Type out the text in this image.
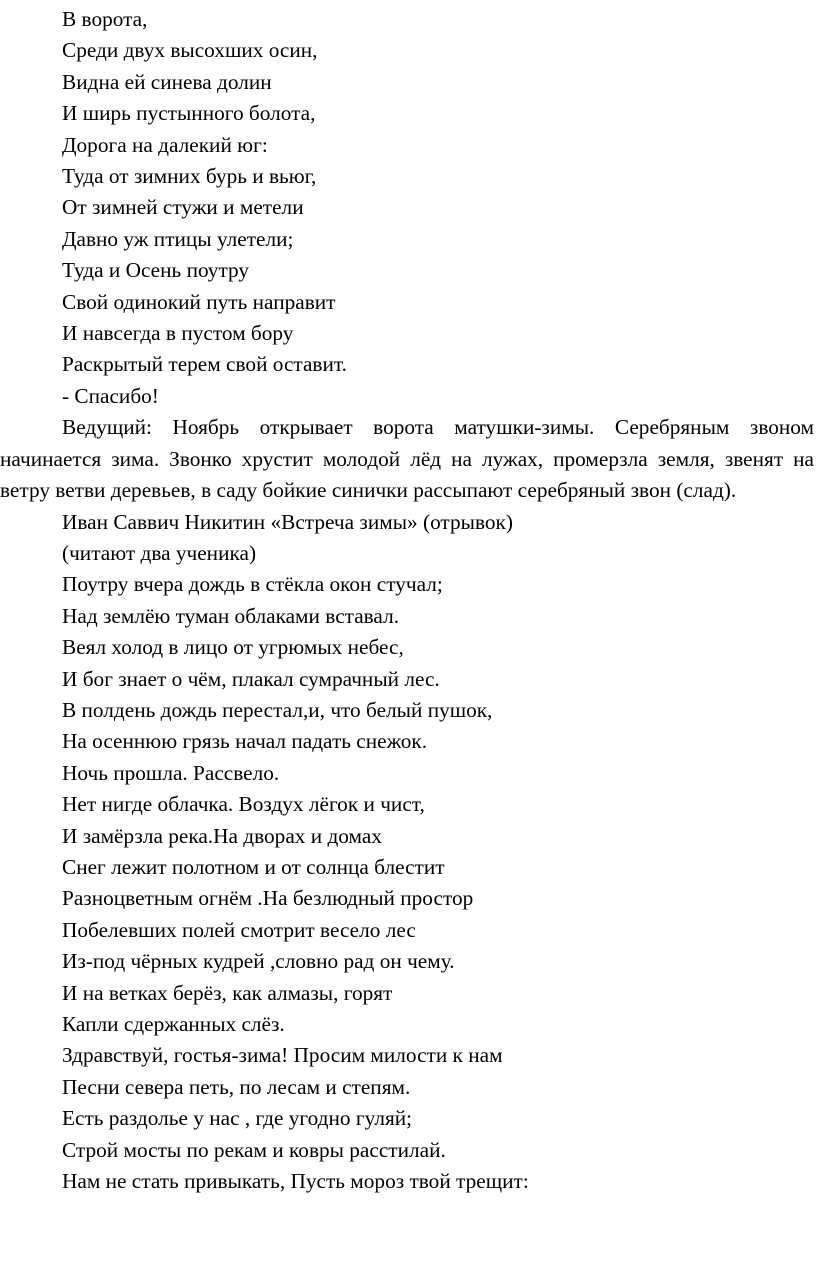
В ворота,
Среди двух высохших осин,
Видна ей синева долин
И ширь пустынного болота,
Дорога на далекий юг:
Туда от зимних бурь и вьюг,
От зимней стужи и метели
Давно уж птицы улетели;
Туда и Осень поутру
Свой одинокий путь направит
И навсегда в пустом бору
Раскрытый терем свой оставит.
- Спасибо!

Ведущий: Ноябрь открывает ворота матушки-зимы. Серебряным звоном начинается зима. Звонко хрустит молодой лёд на лужах, промерзла земля, звенят на ветру ветви деревьев, в саду бойкие синички рассыпают серебряный звон (слад).

Иван Саввич Никитин «Встреча зимы» (отрывок)
(читают два ученика)
Поутру вчера дождь в стёкла окон стучал;
Над землёю туман облаками вставал.
Веял холод в лицо от угрюмых небес,
И бог знает о чём, плакал сумрачный лес.
В полдень дождь перестал,и, что белый пушок,
На осеннюю грязь начал падать снежок.
Ночь прошла. Рассвело.
Нет нигде облачка. Воздух лёгок и чист,
И замёрзла река.На дворах и домах
Снег лежит полотном и от солнца блестит
Разноцветным огнём .На безлюдный простор
Побелевших полей смотрит весело лес
Из-под чёрных кудрей ,словно рад он чему.
И на ветках берёз, как алмазы, горят
Капли сдержанных слёз.
Здравствуй, гостья-зима! Просим милости к нам
Песни севера петь, по лесам и степям.
Есть раздолье у нас , где угодно гуляй;
Строй мосты по рекам и ковры расстилай.
Нам не стать привыкать, Пусть мороз твой трещит:
